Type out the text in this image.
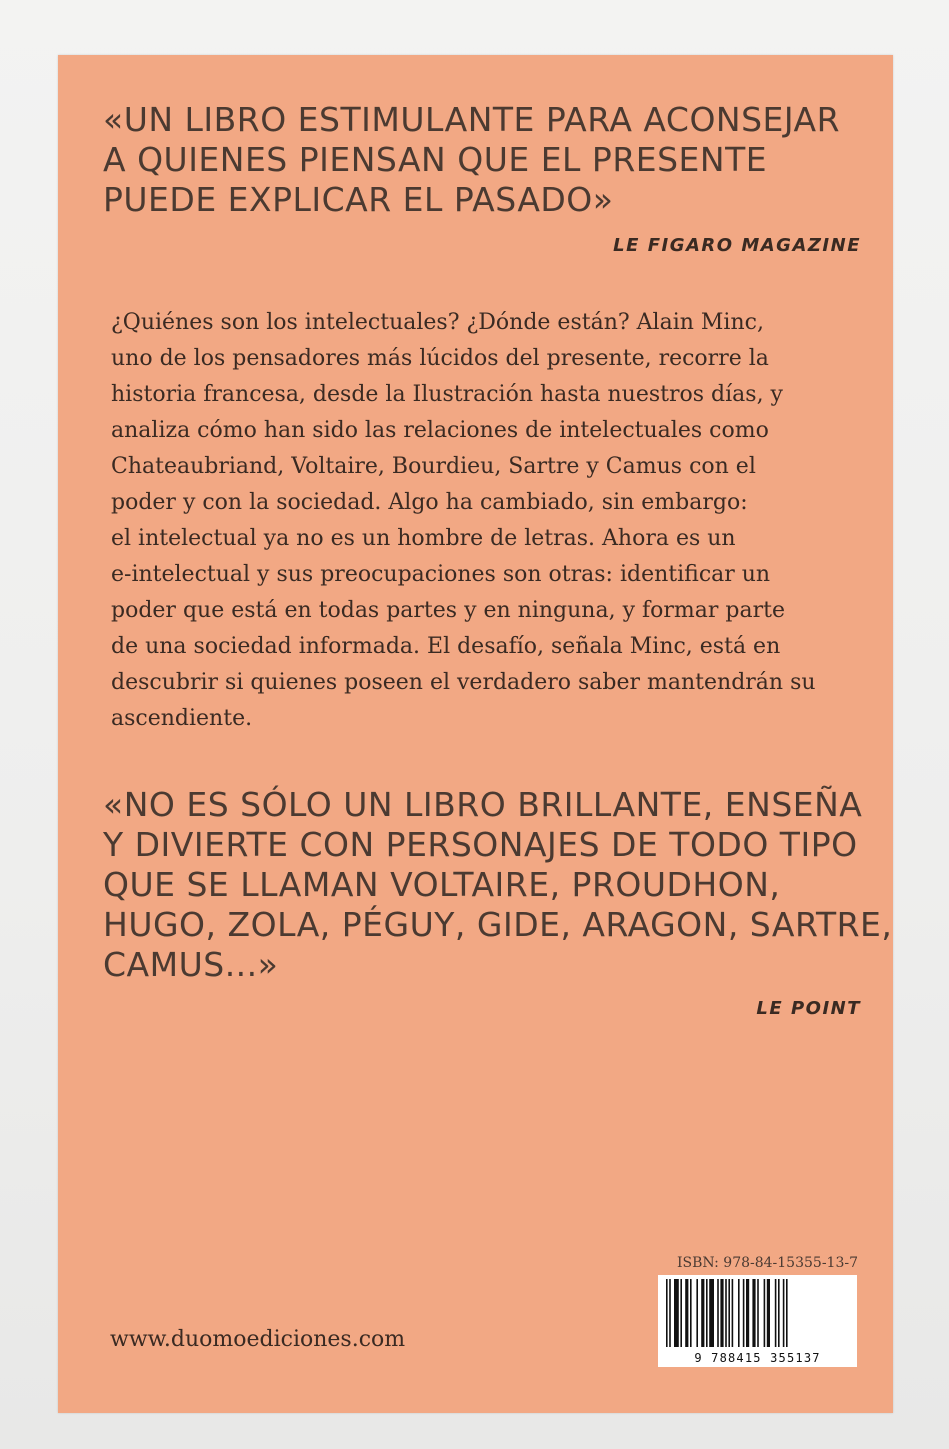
«UN LIBRO ESTIMULANTE PARA ACONSEJAR
A QUIENES PIENSAN QUE EL PRESENTE
PUEDE EXPLICAR EL PASADO»
LE FIGARO MAGAZINE
¿Quiénes son los intelectuales? ¿Dónde están? Alain Minc,
uno de los pensadores más lúcidos del presente, recorre la
historia francesa, desde la Ilustración hasta nuestros días, y
analiza cómo han sido las relaciones de intelectuales como
Chateaubriand, Voltaire, Bourdieu, Sartre y Camus con el
poder y con la sociedad. Algo ha cambiado, sin embargo:
el intelectual ya no es un hombre de letras. Ahora es un
e-intelectual y sus preocupaciones son otras: identificar un
poder que está en todas partes y en ninguna, y formar parte
de una sociedad informada. El desafío, señala Minc, está en
descubrir si quienes poseen el verdadero saber mantendrán su
ascendiente.
«NO ES SÓLO UN LIBRO BRILLANTE, ENSEÑA
Y DIVIERTE CON PERSONAJES DE TODO TIPO
QUE SE LLAMAN VOLTAIRE, PROUDHON,
HUGO, ZOLA, PÉGUY, GIDE, ARAGON, SARTRE,
CAMUS...»
LE POINT
ISBN: 978-84-15355-13-7
9 788415 355137
www.duomoediciones.com
